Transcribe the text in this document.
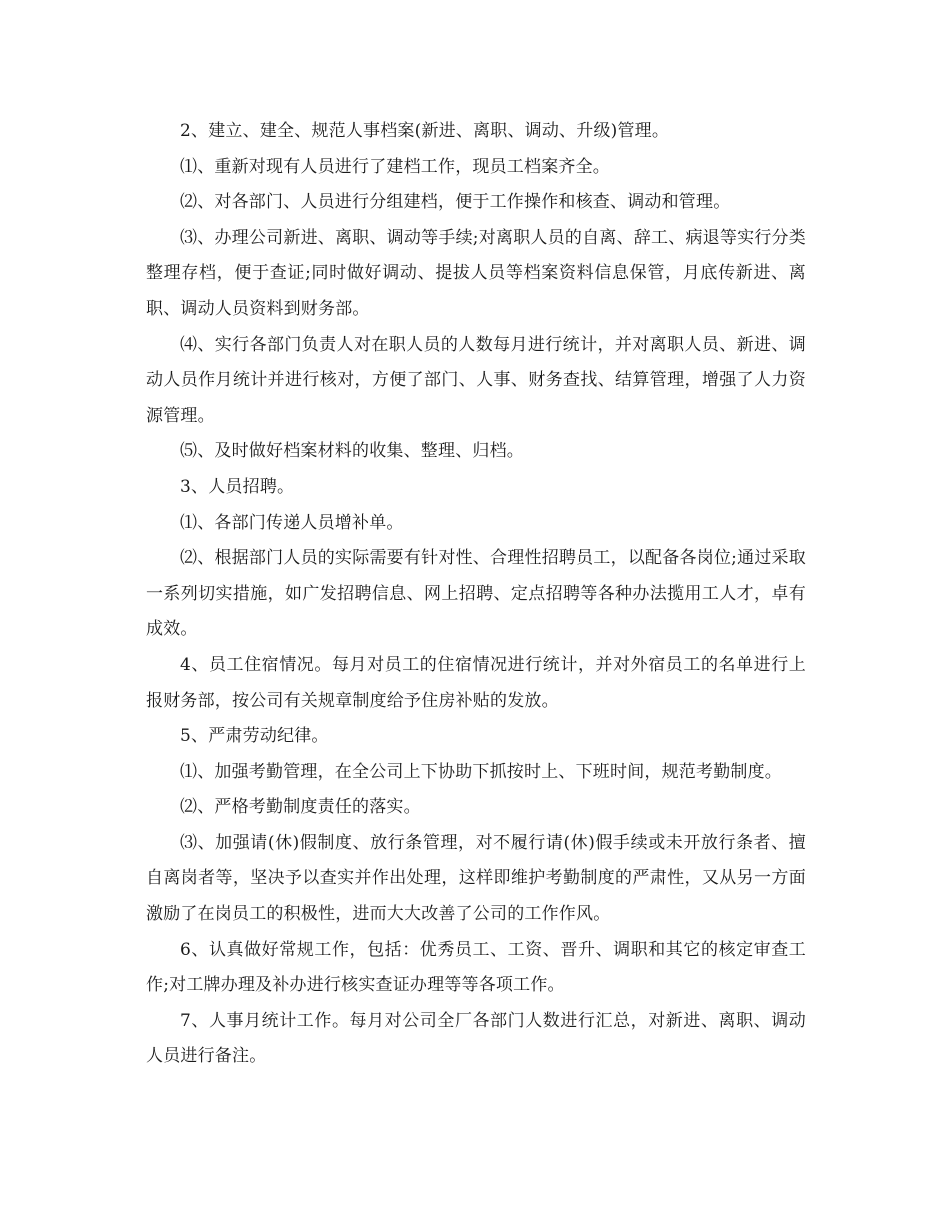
2、建立、建全、规范人事档案(新进、离职、调动、升级)管理。

⑴、重新对现有人员进行了建档工作，现员工档案齐全。

⑵、对各部门、人员进行分组建档，便于工作操作和核查、调动和管理。

⑶、办理公司新进、离职、调动等手续;对离职人员的自离、辞工、病退等实行分类整理存档，便于查证;同时做好调动、提拔人员等档案资料信息保管，月底传新进、离职、调动人员资料到财务部。

⑷、实行各部门负责人对在职人员的人数每月进行统计，并对离职人员、新进、调动人员作月统计并进行核对，方便了部门、人事、财务查找、结算管理，增强了人力资源管理。

⑸、及时做好档案材料的收集、整理、归档。

3、人员招聘。

⑴、各部门传递人员增补单。

⑵、根据部门人员的实际需要有针对性、合理性招聘员工，以配备各岗位;通过采取一系列切实措施，如广发招聘信息、网上招聘、定点招聘等各种办法揽用工人才，卓有成效。

4、员工住宿情况。每月对员工的住宿情况进行统计，并对外宿员工的名单进行上报财务部，按公司有关规章制度给予住房补贴的发放。

5、严肃劳动纪律。

⑴、加强考勤管理，在全公司上下协助下抓按时上、下班时间，规范考勤制度。

⑵、严格考勤制度责任的落实。

⑶、加强请(休)假制度、放行条管理，对不履行请(休)假手续或未开放行条者、擅自离岗者等，坚决予以查实并作出处理，这样即维护考勤制度的严肃性，又从另一方面激励了在岗员工的积极性，进而大大改善了公司的工作作风。

6、认真做好常规工作，包括：优秀员工、工资、晋升、调职和其它的核定审查工作;对工牌办理及补办进行核实查证办理等等各项工作。

7、人事月统计工作。每月对公司全厂各部门人数进行汇总，对新进、离职、调动人员进行备注。
